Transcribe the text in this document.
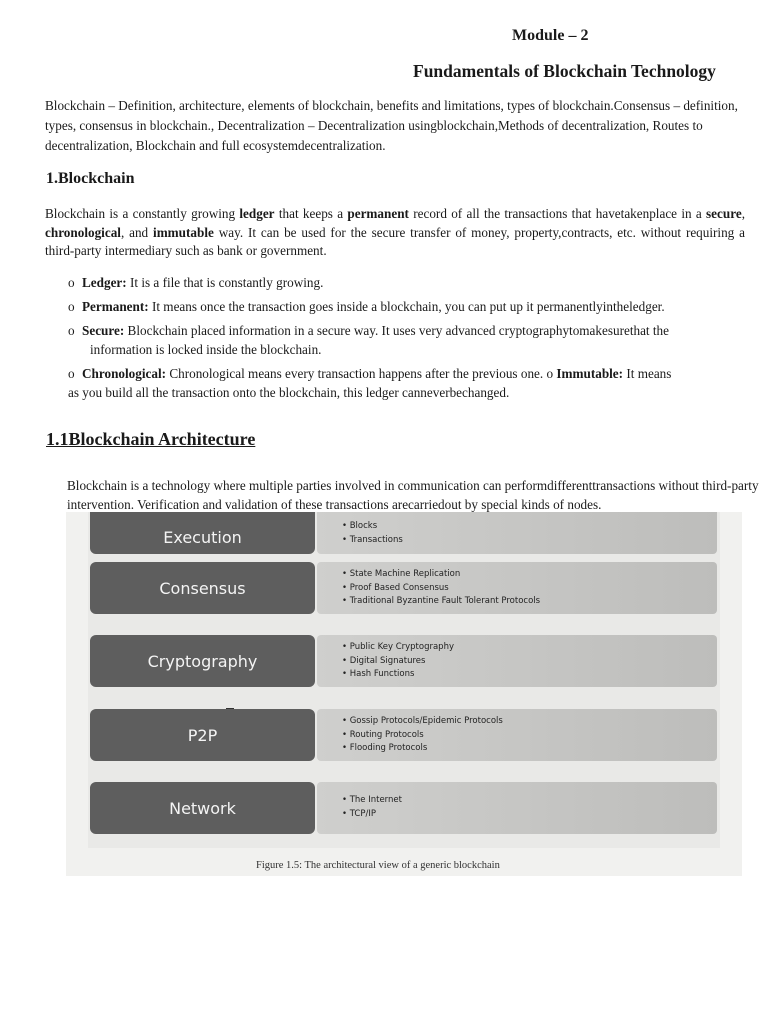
Module – 2
Fundamentals of Blockchain Technology
Blockchain – Definition, architecture, elements of blockchain, benefits and limitations, types of blockchain.Consensus – definition, types, consensus in blockchain., Decentralization – Decentralization usingblockchain,Methods of decentralization, Routes to decentralization, Blockchain and full ecosystemdecentralization.
1.Blockchain
Blockchain is a constantly growing ledger that keeps a permanent record of all the transactions that havetakenplace in a secure, chronological, and immutable way. It can be used for the secure transfer of money, property,contracts, etc. without requiring a third-party intermediary such as bank or government.
o Ledger: It is a file that is constantly growing.
o Permanent: It means once the transaction goes inside a blockchain, you can put up it permanentlyintheledger.
o Secure: Blockchain placed information in a secure way. It uses very advanced cryptographytomakesurethat the
information is locked inside the blockchain.
o Chronological: Chronological means every transaction happens after the previous one. o Immutable: It means
as you build all the transaction onto the blockchain, this ledger canneverbechanged.
1.1Blockchain Architecture
Blockchain is a technology where multiple parties involved in communication can performdifferenttransactions without third-party intervention. Verification and validation of these transactions arecarriedout by special kinds of nodes.
Execution
• Blocks
• Transactions
Consensus
• State Machine Replication
• Proof Based Consensus
• Traditional Byzantine Fault Tolerant Protocols
Cryptography
• Public Key Cryptography
• Digital Signatures
• Hash Functions
P2P
• Gossip Protocols/Epidemic Protocols
• Routing Protocols
• Flooding Protocols
Network
•	The Internet
• TCP/IP
Figure 1.5: The architectural view of a generic blockchain
